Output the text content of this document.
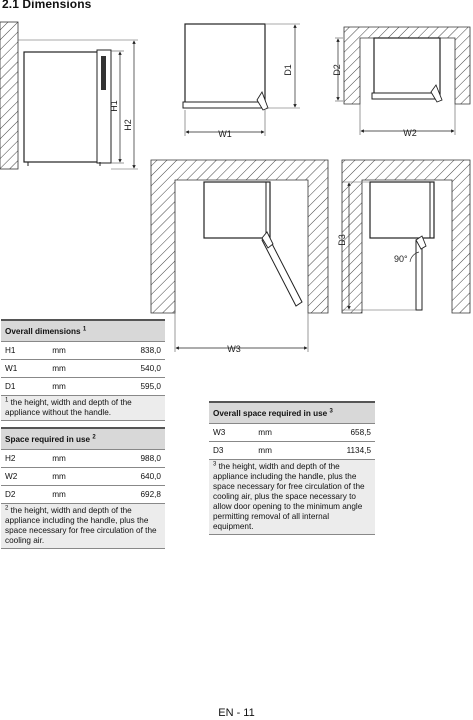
2.1 Dimensions
H1
H2
W1
D1	D2
W2
W3
90°
D3
Overall dimensions $^1$
H1	mm	838,0
W1	mm	540,0
D1	mm	595,0
$^1$ the height, width and depth of the appliance without the handle.		
Space required in use $^2$
H2	mm	988,0
W2	mm	640,0
D2	mm	692,8
$^2$ the height, width and depth of the appliance including the handle, plus the space necessary for free circulation of the cooling air.		
Overall space required in use $^3$
W3	mm	658,5
D3	mm	1134,5
$^3$ the height, width and depth of the appliance including the handle, plus the space necessary for free circulation of the cooling air, plus the space necessary to allow door opening to the minimum angle permitting removal of all internal equipment.		
EN - 11
